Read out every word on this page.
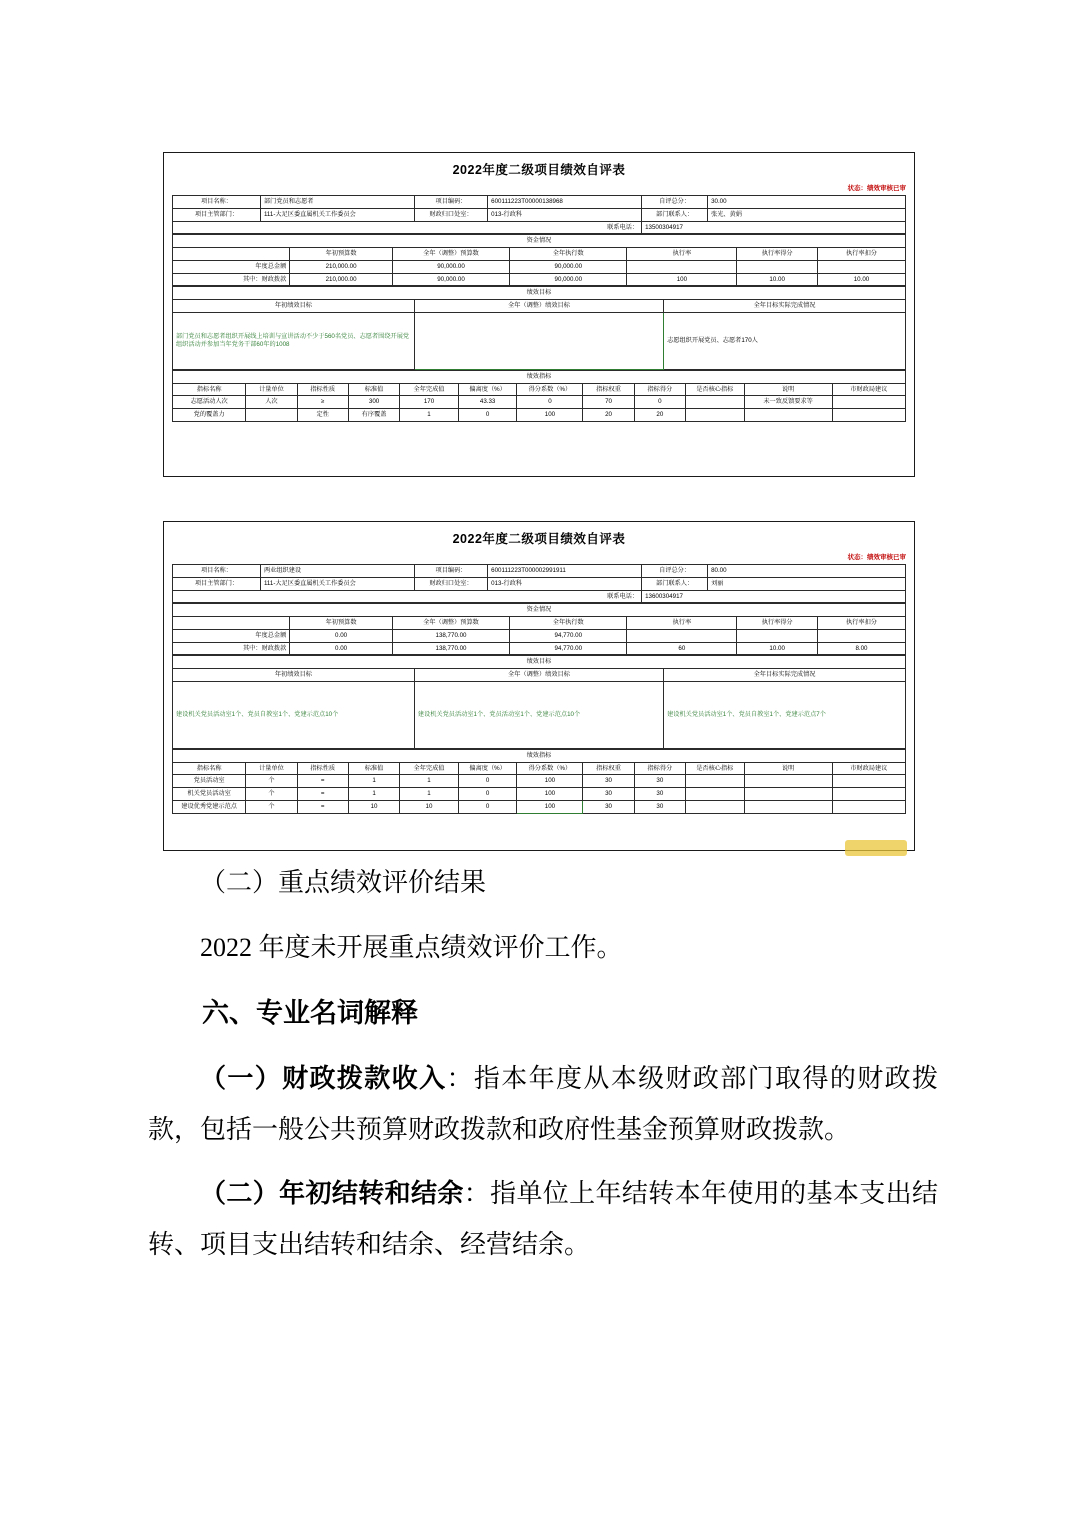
2022年度二级项目绩效自评表
状态：绩效审核已审
项目名称：	部门党员和志愿者	项目编码：	600111223T00000138968	自评总分：	30.00
项目主管部门：	111-大足区委直属机关工作委员会	财政归口处室：	013-行政科	部门联系人：	张光、黄娟
联系电话：				13500304917	
资金情况						
	年初预算数	全年（调整）预算数	全年执行数	执行率	执行率得分	执行率扣分
年度总金额	210,000.00	90,000.00	90,000.00			
其中：财政拨款	210,000.00	90,000.00	90,000.00	100	10.00	10.00
绩效目标		
年初绩效目标	全年（调整）绩效目标	全年目标实际完成情况
部门党员和志愿者组织开展线上培训与宣讲活动不少于560名党员、志愿者围绕开展党组织活动并参加当年党务干部60年的1008		志愿组织开展党员、志愿者170人
绩效指标											
指标名称	计量单位	指标性质	标准值	全年完成值	偏离度（%）	得分系数（%）	指标权重	指标得分	是否核心指标	说明	市财政局建议
志愿活动人次	人次	≥	300	170	43.33	0	70	0		未一致反馈要求等	
党的覆盖力		定性	有序覆盖	1	0	100	20	20			
2022年度二级项目绩效自评表
状态：绩效审核已审
项目名称：	两业组织建设	项目编码：	600111223T000002991911	自评总分：	80.00
项目主管部门：	111-大足区委直属机关工作委员会	财政归口处室：	013-行政科	部门联系人：	刘丽
联系电话：				13600304917	
资金情况						
	年初预算数	全年（调整）预算数	全年执行数	执行率	执行率得分	执行率扣分
年度总金额	0.00	138,770.00	94,770.00			
其中：财政拨款	0.00	138,770.00	94,770.00	60	10.00	8.00
绩效目标		
年初绩效目标	全年（调整）绩效目标	全年目标实际完成情况
建设机关党员活动室1个、党员自教室1个、党建示范点10个	建设机关党员活动室1个、党员活动室1个、党建示范点10个	建设机关党员活动室1个、党员自教室1个、党建示范点7个
绩效指标											
指标名称	计量单位	指标性质	标准值	全年完成值	偏离度（%）	得分系数（%）	指标权重	指标得分	是否核心指标	说明	市财政局建议
党员活动室	个	=	1	1	0	100	30	30			
机关党员活动室	个	=	1	1	0	100	30	30			
建设优秀党建示范点	个	=	10	10	0	100	30	30			

（二）重点绩效评价结果

2022 年度未开展重点绩效评价工作。

六、专业名词解释

（一）财政拨款收入：指本年度从本级财政部门取得的财政拨款，包括一般公共预算财政拨款和政府性基金预算财政拨款。

（二）年初结转和结余：指单位上年结转本年使用的基本支出结转、项目支出结转和结余、经营结余。
